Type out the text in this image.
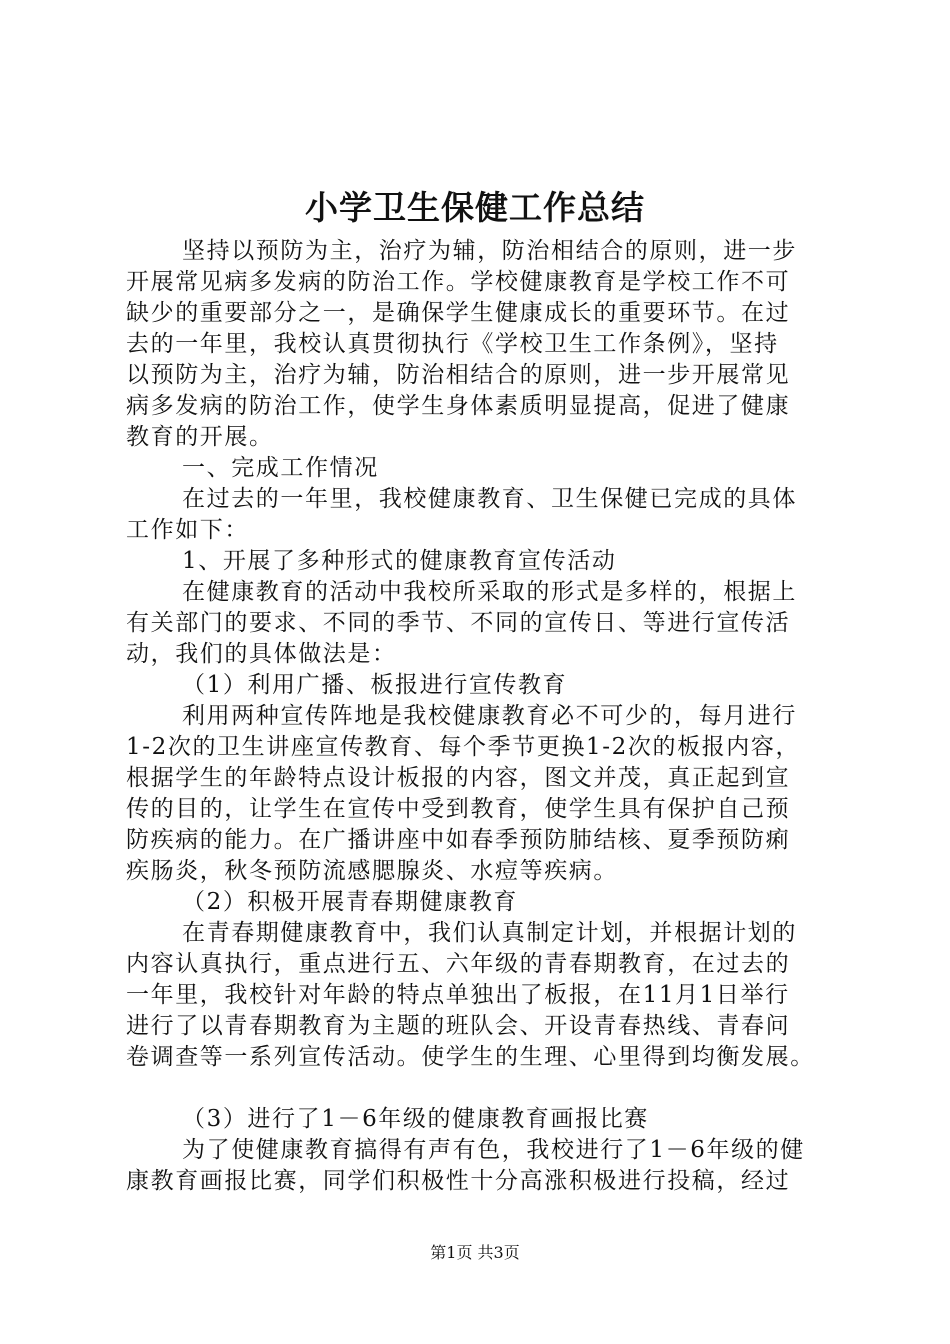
小学卫生保健工作总结
坚持以预防为主，治疗为辅，防治相结合的原则，进一步
开展常见病多发病的防治工作。学校健康教育是学校工作不可
缺少的重要部分之一，是确保学生健康成长的重要环节。在过
去的一年里，我校认真贯彻执行《学校卫生工作条例》，坚持
以预防为主，治疗为辅，防治相结合的原则，进一步开展常见
病多发病的防治工作，使学生身体素质明显提高，促进了健康
教育的开展。
一、完成工作情况
在过去的一年里，我校健康教育、卫生保健已完成的具体
工作如下：
1、开展了多种形式的健康教育宣传活动
在健康教育的活动中我校所采取的形式是多样的，根据上
有关部门的要求、不同的季节、不同的宣传日、等进行宣传活
动，我们的具体做法是：
（1）利用广播、板报进行宣传教育
利用两种宣传阵地是我校健康教育必不可少的，每月进行
1-2次的卫生讲座宣传教育、每个季节更换1-2次的板报内容，
根据学生的年龄特点设计板报的内容，图文并茂，真正起到宣
传的目的，让学生在宣传中受到教育，使学生具有保护自己预
防疾病的能力。在广播讲座中如春季预防肺结核、夏季预防痢
疾肠炎，秋冬预防流感腮腺炎、水痘等疾病。
（2）积极开展青春期健康教育
在青春期健康教育中，我们认真制定计划，并根据计划的
内容认真执行，重点进行五、六年级的青春期教育，在过去的
一年里，我校针对年龄的特点单独出了板报，在11月1日举行
进行了以青春期教育为主题的班队会、开设青春热线、青春问
卷调查等一系列宣传活动。使学生的生理、心里得到均衡发展。
（3）进行了1－6年级的健康教育画报比赛
为了使健康教育搞得有声有色，我校进行了1－6年级的健
康教育画报比赛，同学们积极性十分高涨积极进行投稿，经过
第1页 共3页
